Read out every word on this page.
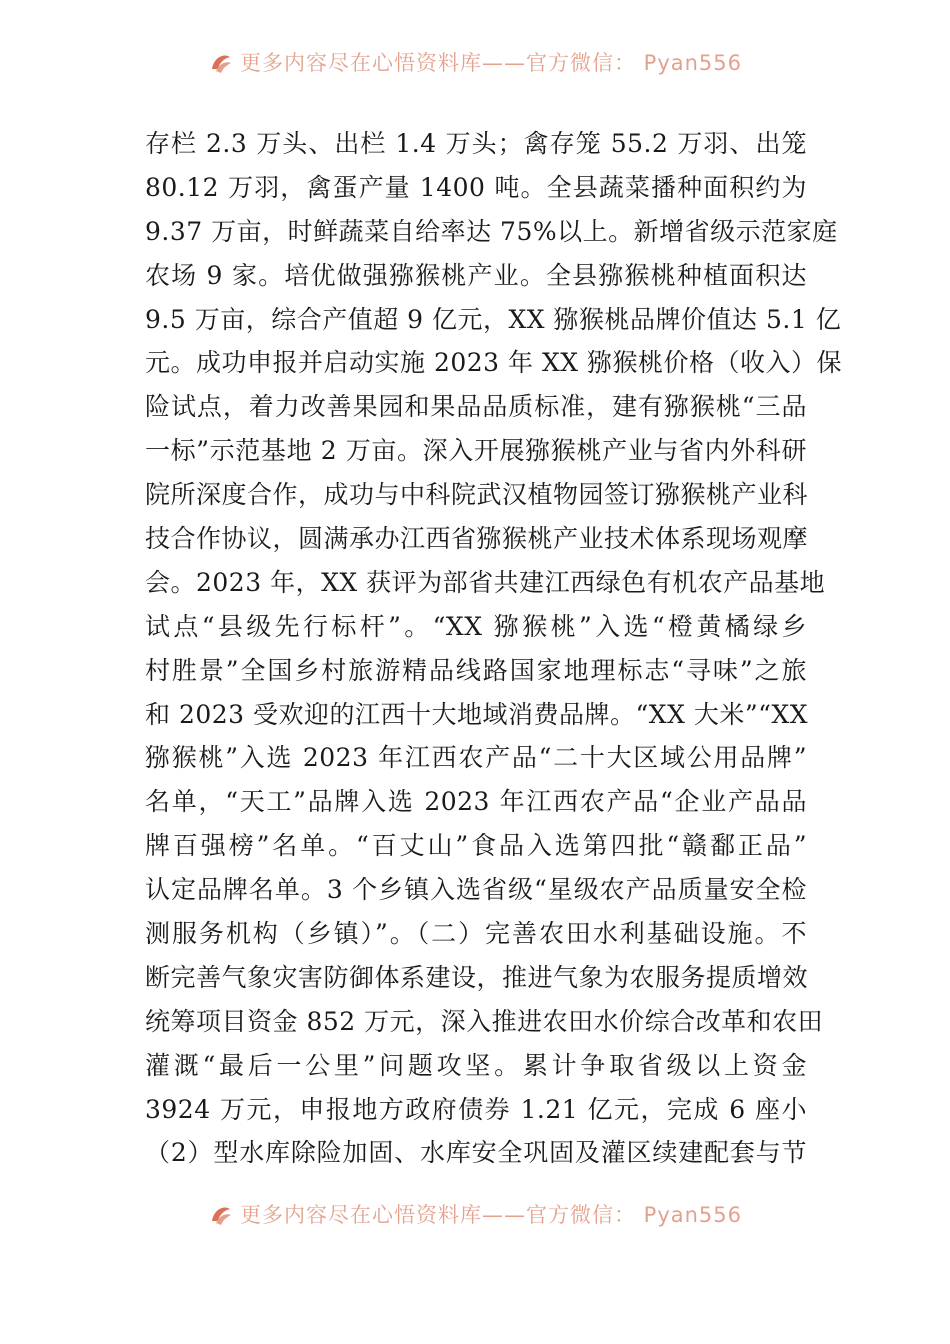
更多内容尽在心悟资料库——官方微信： Pyan556
存栏 2.3 万头、出栏 1.4 万头；禽存笼 55.2 万羽、出笼
80.12 万羽，禽蛋产量 1400 吨。全县蔬菜播种面积约为
9.37 万亩，时鲜蔬菜自给率达 75%以上。新增省级示范家庭
农场 9 家。培优做强猕猴桃产业。全县猕猴桃种植面积达
9.5 万亩，综合产值超 9 亿元，XX 猕猴桃品牌价值达 5.1 亿
元。成功申报并启动实施 2023 年 XX 猕猴桃价格（收入）保
险试点，着力改善果园和果品品质标准，建有猕猴桃“三品
一标”示范基地 2 万亩。深入开展猕猴桃产业与省内外科研
院所深度合作，成功与中科院武汉植物园签订猕猴桃产业科
技合作协议，圆满承办江西省猕猴桃产业技术体系现场观摩
会。2023 年，XX 获评为部省共建江西绿色有机农产品基地
试点“县级先行标杆”。“XX 猕猴桃”入选“橙黄橘绿乡
村胜景”全国乡村旅游精品线路国家地理标志“寻味”之旅
和 2023 受欢迎的江西十大地域消费品牌。“XX 大米”“XX
猕猴桃”入选 2023 年江西农产品“二十大区域公用品牌”
名单，“天工”品牌入选 2023 年江西农产品“企业产品品
牌百强榜”名单。“百丈山”食品入选第四批“赣鄱正品”
认定品牌名单。3 个乡镇入选省级“星级农产品质量安全检
测服务机构（乡镇）”。（二）完善农田水利基础设施。不
断完善气象灾害防御体系建设，推进气象为农服务提质增效
统筹项目资金 852 万元，深入推进农田水价综合改革和农田
灌溉“最后一公里”问题攻坚。累计争取省级以上资金
3924 万元，申报地方政府债券 1.21 亿元，完成 6 座小
（2）型水库除险加固、水库安全巩固及灌区续建配套与节
更多内容尽在心悟资料库——官方微信： Pyan556
